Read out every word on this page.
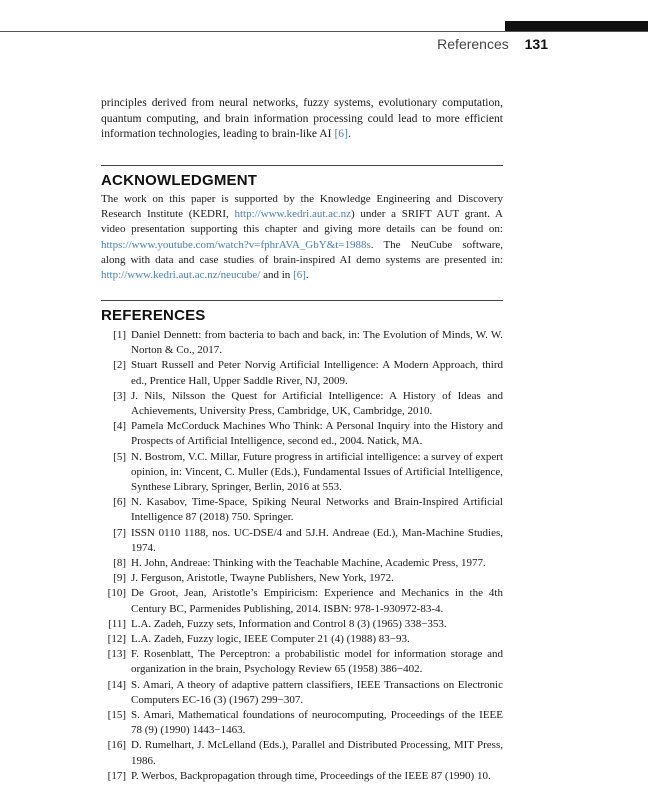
References 131

principles derived from neural networks, fuzzy systems, evolutionary computation, quantum computing, and brain information processing could lead to more efficient information technologies, leading to brain-like AI [6].

ACKNOWLEDGMENT

The work on this paper is supported by the Knowledge Engineering and Discovery Research Institute (KEDRI, http://www.kedri.aut.ac.nz) under a SRIFT AUT grant. A video presentation supporting this chapter and giving more details can be found on: https://www.youtube.com/watch?v=fphrAVA_GbY&t=1988s. The NeuCube software, along with data and case studies of brain-inspired AI demo systems are presented in: http://www.kedri.aut.ac.nz/neucube/ and in [6].

REFERENCES
[1] Daniel Dennett: from bacteria to bach and back, in: The Evolution of Minds, W. W. Norton & Co., 2017.
[2] Stuart Russell and Peter Norvig Artificial Intelligence: A Modern Approach, third ed., Prentice Hall, Upper Saddle River, NJ, 2009.
[3] J. Nils, Nilsson the Quest for Artificial Intelligence: A History of Ideas and Achievements, University Press, Cambridge, UK, Cambridge, 2010.
[4] Pamela McCorduck Machines Who Think: A Personal Inquiry into the History and Prospects of Artificial Intelligence, second ed., 2004. Natick, MA.
[5] N. Bostrom, V.C. Millar, Future progress in artificial intelligence: a survey of expert opinion, in: Vincent, C. Muller (Eds.), Fundamental Issues of Artificial Intelligence, Synthese Library, Springer, Berlin, 2016 at 553.
[6] N. Kasabov, Time-Space, Spiking Neural Networks and Brain-Inspired Artificial Intelligence 87 (2018) 750. Springer.
[7] ISSN 0110 1188, nos. UC-DSE/4 and 5J.H. Andreae (Ed.), Man-Machine Studies, 1974.
[8] H. John, Andreae: Thinking with the Teachable Machine, Academic Press, 1977.
[9] J. Ferguson, Aristotle, Twayne Publishers, New York, 1972.
[10] De Groot, Jean, Aristotle’s Empiricism: Experience and Mechanics in the 4th Century BC, Parmenides Publishing, 2014. ISBN: 978-1-930972-83-4.
[11] L.A. Zadeh, Fuzzy sets, Information and Control 8 (3) (1965) 338−353.
[12] L.A. Zadeh, Fuzzy logic, IEEE Computer 21 (4) (1988) 83−93.
[13] F. Rosenblatt, The Perceptron: a probabilistic model for information storage and organization in the brain, Psychology Review 65 (1958) 386−402.
[14] S. Amari, A theory of adaptive pattern classifiers, IEEE Transactions on Electronic Computers EC-16 (3) (1967) 299−307.
[15] S. Amari, Mathematical foundations of neurocomputing, Proceedings of the IEEE 78 (9) (1990) 1443−1463.
[16] D. Rumelhart, J. McLelland (Eds.), Parallel and Distributed Processing, MIT Press, 1986.
[17] P. Werbos, Backpropagation through time, Proceedings of the IEEE 87 (1990) 10.
